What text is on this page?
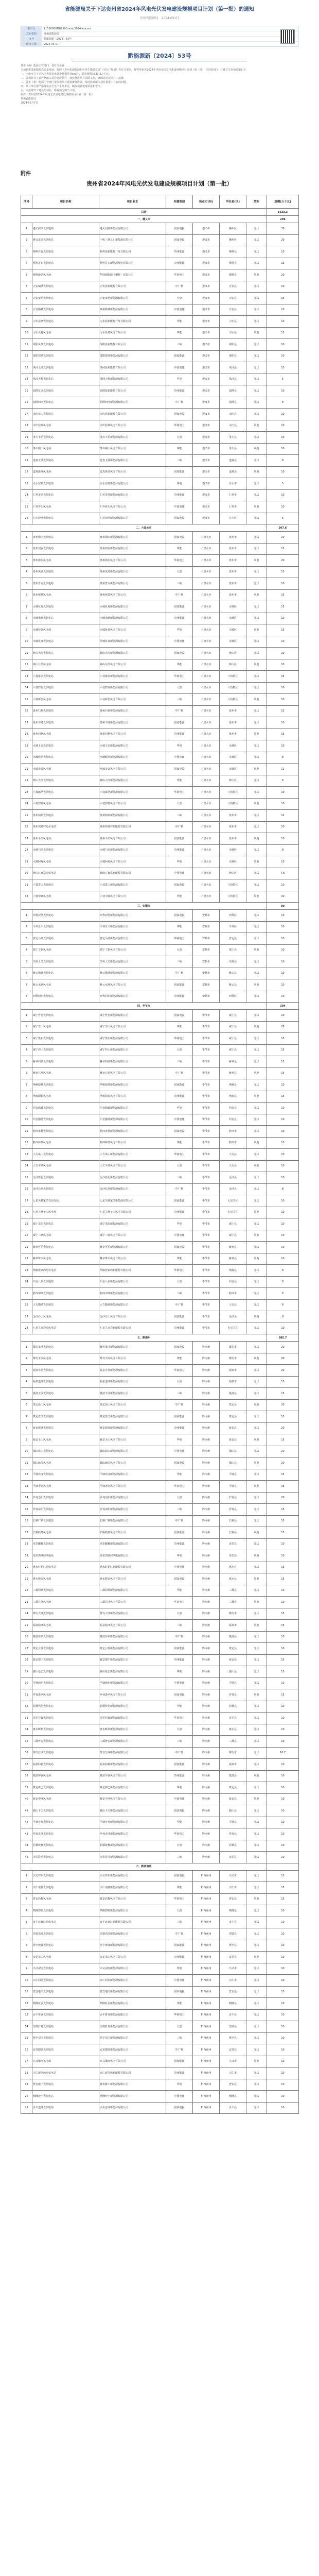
省能源局关于下达贵州省2024年风电光伏发电建设规模项目计划（第一批）的通知
贵州省能源局　2024-05-07
索引号	11520000MB1500xxxx/2024-xxxxxx
发布机构	贵州省能源局
文号	黔能源新〔2024〕53号
成文日期	2024-05-07
黔能源新〔2024〕53号

各市（州）能源主管部门，各有关企业：

为加快推进新能源高质量发展，按照《贵州省新能源和可再生能源发展“十四五”规划》等有关要求，现将贵州省2024年风电光伏发电建设规模项目计划（第一批）下达给你们，并就有关事项通知如下：

一、本批次共下达风电光伏发电建设规模项目xxx个，装机规模1633.3万千瓦。

二、各项目业主要严格落实项目建设条件，加快推进项目前期工作，确保项目按期开工建设。

三、各市（州）能源主管部门要加强项目建设统筹协调，及时协调解决项目推进中存在的问题。

四、项目单位要严格落实安全生产主体责任，确保项目建设质量和安全。

五、未按期开工建设的项目，将视情况调出计划。

附件：贵州省2024年风电光伏发电建设规模项目计划（第一批）

贵州省能源局

2024年5月7日

附件
贵州省2024年风电光伏发电建设规模项目计划（第一批）
序号	项目名称	项目业主	所属集团	所在市(州)	所在县(区)	类型	规模(万千瓦)
总计							1633.3
一、遵义市							296
1	遵义团溪光伏电站	遵义团溪新能源有限公司	国家电投	遵义市	播州区	光伏	30
2	遵义龙坑光伏电站	中电（遵义）新能源有限公司	国家电投	遵义市	播州区	光伏	20
3	桐梓官仓光伏电站	桐梓县新能源开发有限公司	贵州能源	遵义市	桐梓县	光伏	10
4	桐梓茅石光伏电站	桐梓茅石新能源发电有限公司	贵州能源	遵义市	桐梓县	光伏	15
5	桐梓新站风电场	华润新能源（桐梓）有限公司	华润电力	遵义市	桐梓县	风电	20
6	正安瑞溪光伏电站	正安县新能源有限公司	中广核	遵义市	正安县	光伏	10
7	正安安场光伏电站	正安安场新能源有限公司	大唐	遵义市	正安县	光伏	15
8	正安格林光伏电站	贵州格林新能源有限公司	中国电建	遵义市	正安县	光伏	10
9	习水东皇光伏电站	习水县新能源开发有限公司	华能	遵义市	习水县	光伏	10
10	习水良村风电场	习水良村风电有限公司	华能	遵义市	习水县	风电	15
11	绥阳风华光伏电站	绥阳县新能源有限公司	三峡	遵义市	绥阳县	光伏	10
12	绥阳郑场光伏电站	绥阳郑场新能源有限公司	国家能源	遵义市	绥阳县	光伏	10
13	凤冈土溪光伏电站	凤冈县新能源有限公司	中国电建	遵义市	凤冈县	光伏	10
14	凤冈天桥光伏电站	凤冈天桥新能源有限公司	华电	遵义市	凤冈县	光伏	5
15	湄潭复兴光伏电站	湄潭县新能源有限公司	贵州能源	遵义市	湄潭县	光伏	10
16	湄潭西河光伏电站	湄潭西河新能源有限公司	中广核	遵义市	湄潭县	光伏	8
17	余庆花山光伏电站	余庆县新能源有限公司	国家电投	遵义市	余庆县	光伏	10
18	余庆松烟风电场	余庆松烟风电有限公司	华润电力	遵义市	余庆县	风电	10
19	务川丰乐光伏电站	务川丰乐新能源有限公司	大唐	遵义市	务川县	光伏	10
20	务川砚山风电场	务川砚山风电有限公司	华能	遵义市	务川县	风电	10
21	道真玉溪光伏电站	道真玉溪新能源有限公司	三峡	遵义市	道真县	光伏	8
22	道真洛龙风电场	道真洛龙风电有限公司	国家能源	遵义市	道真县	风电	10
23	赤水官渡光伏电站	赤水官渡新能源有限公司	华电	遵义市	赤水市	光伏	5
24	仁怀茅坝光伏电站	仁怀茅坝新能源有限公司	贵州能源	遵义市	仁怀市	光伏	10
25	仁怀喜头风电场	仁怀喜头风电有限公司	中国电建	遵义市	仁怀市	风电	10
26	汇川沙湾光伏电站	汇川沙湾新能源有限公司	国家电投	遵义市	汇川区	光伏	5
二、六盘水市							367.6
1	盘州保田光伏电站	盘州保田新能源有限公司	国家电投	六盘水市	盘州市	光伏	20
2	盘州刘官光伏电站	盘州刘官新能源有限公司	华能	六盘水市	盘州市	光伏	15
3	盘州淤泥风电场	盘州淤泥风电有限公司	华润电力	六盘水市	盘州市	风电	20
4	盘州英武光伏电站	盘州英武新能源有限公司	大唐	六盘水市	盘州市	光伏	15
5	盘州普古光伏电站	盘州普古新能源有限公司	三峡	六盘水市	盘州市	光伏	10
6	盘州保基风电场	盘州保基风电有限公司	中广核	六盘水市	盘州市	风电	15
7	水城花戛光伏电站	水城花戛新能源有限公司	国家能源	六盘水市	水城区	光伏	15
8	水城米箩光伏电站	水城米箩新能源有限公司	贵州能源	六盘水市	水城区	光伏	10
9	水城营盘风电场	水城营盘风电有限公司	华电	六盘水市	水城区	风电	15
10	水城发耳光伏电站	水城发耳新能源有限公司	中国电建	六盘水市	水城区	光伏	10
11	钟山大湾光伏电站	钟山大湾新能源有限公司	国家电投	六盘水市	钟山区	光伏	10
12	钟山月照风电场	钟山月照风电有限公司	华能	六盘水市	钟山区	风电	10
13	六枝落别光伏电站	六枝落别新能源有限公司	华润电力	六盘水市	六枝特区	光伏	15
14	六枝牂牁光伏电站	六枝牂牁新能源有限公司	大唐	六盘水市	六枝特区	光伏	10
15	六枝新窑风电场	六枝新窑风电有限公司	三峡	六盘水市	六枝特区	风电	10
16	盘州石桥光伏电站	盘州石桥新能源有限公司	中广核	六盘水市	盘州市	光伏	12
17	盘州羊场光伏电站	盘州羊场新能源有限公司	国家能源	六盘水市	盘州市	光伏	10
18	盘州四格风电场	盘州四格风电有限公司	贵州能源	六盘水市	盘州市	风电	15
19	水城玉舍光伏电站	水城玉舍新能源有限公司	华电	六盘水市	水城区	光伏	10
20	水城猴场光伏电站	水城猴场新能源有限公司	中国电建	六盘水市	水城区	光伏	8
21	水城金盆风电场	水城金盆风电有限公司	国家电投	六盘水市	水城区	风电	12
22	钟山大河光伏电站	钟山大河新能源有限公司	华能	六盘水市	钟山区	光伏	8
23	六枝郎岱光伏电站	六枝郎岱新能源有限公司	华润电力	六盘水市	六枝特区	光伏	10
24	六枝岩脚风电场	六枝岩脚风电有限公司	大唐	六盘水市	六枝特区	风电	10
25	盘州柏果光伏电站	盘州柏果新能源有限公司	三峡	六盘水市	盘州市	光伏	12
26	盘州鸡场坪光伏电站	盘州鸡场坪新能源有限公司	中广核	六盘水市	盘州市	光伏	10
27	盘州平关风电场	盘州平关风电有限公司	国家能源	六盘水市	盘州市	风电	10
28	水城勺米光伏电站	水城勺米新能源有限公司	贵州能源	六盘水市	水城区	光伏	8
29	水城阿戛风电场	水城阿戛风电有限公司	华电	六盘水市	水城区	风电	10
30	钟山汪家寨光伏电站	钟山汪家寨新能源有限公司	中国电建	六盘水市	钟山区	光伏	7.6
31	六枝箐口光伏电站	六枝箐口新能源有限公司	国家电投	六盘水市	六枝特区	光伏	10
32	六枝中寨风电场	六枝中寨风电有限公司	华能	六盘水市	六枝特区	风电	10
三、安顺市							80
1	西秀双堡光伏电站	西秀双堡新能源有限公司	国家电投	安顺市	西秀区	光伏	10
2	平坝乐平光伏电站	平坝乐平新能源有限公司	华能	安顺市	平坝区	光伏	10
3	普定马场光伏电站	普定马场新能源有限公司	华润电力	安顺市	普定县	光伏	10
4	镇宁丁旗风电场	镇宁丁旗风电有限公司	大唐	安顺市	镇宁县	风电	10
5	关岭上关光伏电站	关岭上关新能源有限公司	三峡	安顺市	关岭县	光伏	10
6	紫云猫营光伏电站	紫云猫营新能源有限公司	中广核	安顺市	紫云县	光伏	10
7	紫云水塘风电场	紫云水塘风电有限公司	国家能源	安顺市	紫云县	风电	10
8	西秀旧州光伏电站	西秀旧州新能源有限公司	贵州能源	安顺市	西秀区	光伏	10
四、毕节市							304
1	威宁哲觉光伏电站	威宁哲觉新能源有限公司	国家电投	毕节市	威宁县	光伏	20
2	威宁雪山风电场	威宁雪山风电有限公司	华能	毕节市	威宁县	风电	20
3	威宁黑石光伏电站	威宁黑石新能源有限公司	华润电力	毕节市	威宁县	光伏	15
4	威宁炉山光伏电站	威宁炉山新能源有限公司	大唐	毕节市	威宁县	光伏	15
5	赫章妈姑光伏电站	赫章妈姑新能源有限公司	三峡	毕节市	赫章县	光伏	15
6	赫章兴发风电场	赫章兴发风电有限公司	中广核	毕节市	赫章县	风电	15
7	纳雍鬃岭光伏电站	纳雍鬃岭新能源有限公司	国家能源	毕节市	纳雍县	光伏	10
8	纳雍阳长风电场	纳雍阳长风电有限公司	贵州能源	毕节市	纳雍县	风电	15
9	织金珠藏光伏电站	织金珠藏新能源有限公司	华电	毕节市	织金县	光伏	10
10	织金猫场光伏电站	织金猫场新能源有限公司	中国电建	毕节市	织金县	光伏	10
11	黔西素朴光伏电站	黔西素朴新能源有限公司	国家电投	毕节市	黔西市	光伏	10
12	黔西林泉风电场	黔西林泉风电有限公司	华能	毕节市	黔西市	风电	10
13	大方凤山光伏电站	大方凤山新能源有限公司	华润电力	毕节市	大方县	光伏	10
14	大方羊场风电场	大方羊场风电有限公司	大唐	毕节市	大方县	风电	10
15	金沙岩孔光伏电站	金沙岩孔新能源有限公司	三峡	毕节市	金沙县	光伏	10
16	金沙长坝光伏电站	金沙长坝新能源有限公司	中广核	毕节市	金沙县	光伏	8
17	七星关杨家湾光伏电站	七星关杨家湾新能源有限公司	国家能源	毕节市	七星关区	光伏	10
18	七星关燕子口风电场	七星关燕子口风电有限公司	贵州能源	毕节市	七星关区	风电	10
19	威宁龙街光伏电站	威宁龙街新能源有限公司	华电	毕节市	威宁县	光伏	10
20	威宁二塘风电场	威宁二塘风电有限公司	中国电建	毕节市	威宁县	风电	10
21	赫章可乐光伏电站	赫章可乐新能源有限公司	国家电投	毕节市	赫章县	光伏	10
22	赫章珠市风电场	赫章珠市风电有限公司	华能	毕节市	赫章县	风电	10
23	纳雍张家湾光伏电站	纳雍张家湾新能源有限公司	华润电力	毕节市	纳雍县	光伏	8
24	织金八步光伏电站	织金八步新能源有限公司	大唐	毕节市	织金县	光伏	8
25	黔西中坪光伏电站	黔西中坪新能源有限公司	三峡	毕节市	黔西市	光伏	8
26	大方猫场光伏电站	大方猫场新能源有限公司	中广核	毕节市	大方县	光伏	8
27	金沙沙土风电场	金沙沙土风电有限公司	国家能源	毕节市	金沙县	风电	8
28	七星关亮岩光伏电站	七星关亮岩新能源有限公司	贵州能源	毕节市	七星关区	光伏	10
五、黔南州							585.7
1	都匀墨冲光伏电站	都匀墨冲新能源有限公司	国家电投	黔南州	都匀市	光伏	20
2	都匀平浪风电场	都匀平浪风电有限公司	华能	黔南州	都匀市	风电	20
3	福泉牛场光伏电站	福泉牛场新能源有限公司	华润电力	黔南州	福泉市	光伏	20
4	福泉道坪光伏电站	福泉道坪新能源有限公司	大唐	黔南州	福泉市	光伏	15
5	荔波玉屏光伏电站	荔波玉屏新能源有限公司	三峡	黔南州	荔波县	光伏	15
6	贵定沿山风电场	贵定沿山风电有限公司	中广核	黔南州	贵定县	风电	20
7	贵定盘江光伏电站	贵定盘江新能源有限公司	国家能源	黔南州	贵定县	光伏	15
8	瓮安银盏光伏电站	瓮安银盏新能源有限公司	贵州能源	黔南州	瓮安县	光伏	20
9	瓮安玉山风电场	瓮安玉山风电有限公司	华电	黔南州	瓮安县	风电	15
10	独山影山光伏电站	独山影山新能源有限公司	中国电建	黔南州	独山县	光伏	20
11	独山麻尾风电场	独山麻尾风电有限公司	国家电投	黔南州	独山县	风电	20
12	平塘克度光伏电站	平塘克度新能源有限公司	华能	黔南州	平塘县	光伏	15
13	平塘者密风电场	平塘者密风电有限公司	华润电力	黔南州	平塘县	风电	15
14	罗甸边阳光伏电站	罗甸边阳新能源有限公司	大唐	黔南州	罗甸县	光伏	20
15	罗甸沫阳光伏电站	罗甸沫阳新能源有限公司	三峡	黔南州	罗甸县	光伏	15
16	长顺广顺光伏电站	长顺广顺新能源有限公司	中广核	黔南州	长顺县	光伏	15
17	长顺鼓扬风电场	长顺鼓扬风电有限公司	国家能源	黔南州	长顺县	风电	15
18	龙里醒狮光伏电站	龙里醒狮新能源有限公司	贵州能源	黔南州	龙里县	光伏	10
19	龙里湾滩河风电场	龙里湾滩河风电有限公司	华电	黔南州	龙里县	风电	10
20	惠水好花红光伏电站	惠水好花红新能源有限公司	中国电建	黔南州	惠水县	光伏	15
21	惠水摆金风电场	惠水摆金风电有限公司	国家电投	黔南州	惠水县	风电	15
22	三都周覃光伏电站	三都周覃新能源有限公司	华能	黔南州	三都县	光伏	10
23	三都九阡风电场	三都九阡风电有限公司	华润电力	黔南州	三都县	风电	10
24	都匀大坪光伏电站	都匀大坪新能源有限公司	大唐	黔南州	都匀市	光伏	15
25	福泉陆坪风电场	福泉陆坪风电有限公司	三峡	黔南州	福泉市	风电	15
26	荔波佳荣光伏电站	荔波佳荣新能源有限公司	中广核	黔南州	荔波县	光伏	10
27	贵定云雾光伏电站	贵定云雾新能源有限公司	国家能源	黔南州	贵定县	光伏	10
28	瓮安建中光伏电站	瓮安建中新能源有限公司	贵州能源	黔南州	瓮安县	光伏	15
29	独山基长光伏电站	独山基长新能源有限公司	华电	黔南州	独山县	光伏	15
30	平塘通州光伏电站	平塘通州新能源有限公司	中国电建	黔南州	平塘县	光伏	10
31	罗甸逢亭风电场	罗甸逢亭风电有限公司	国家电投	黔南州	罗甸县	风电	15
32	长顺代化光伏电站	长顺代化新能源有限公司	华能	黔南州	长顺县	光伏	10
33	龙里谷脚光伏电站	龙里谷脚新能源有限公司	华润电力	黔南州	龙里县	光伏	10
34	惠水断杉光伏电站	惠水断杉新能源有限公司	大唐	黔南州	惠水县	光伏	10
35	三都普安光伏电站	三都普安新能源有限公司	三峡	黔南州	三都县	光伏	10
36	都匀江洲光伏电站	都匀江洲新能源有限公司	中广核	黔南州	都匀市	光伏	10.7
37	福泉仙桥光伏电站	福泉仙桥新能源有限公司	国家能源	黔南州	福泉市	光伏	10
38	荔波甲良风电场	荔波甲良风电有限公司	贵州能源	黔南州	荔波县	风电	10
39	贵定新巴光伏电站	贵定新巴新能源有限公司	华电	黔南州	贵定县	光伏	10
40	瓮安中坪风电场	瓮安中坪风电有限公司	中国电建	黔南州	瓮安县	风电	10
41	独山下司光伏电站	独山下司新能源有限公司	国家电投	黔南州	独山县	光伏	10
42	平塘牙舟光伏电站	平塘牙舟新能源有限公司	华能	黔南州	平塘县	光伏	10
43	罗甸龙坪光伏电站	罗甸龙坪新能源有限公司	华润电力	黔南州	罗甸县	光伏	10
44	长顺敦操光伏电站	长顺敦操新能源有限公司	大唐	黔南州	长顺县	光伏	10
45	龙里洗马光伏电站	龙里洗马新能源有限公司	三峡	黔南州	龙里县	光伏	10
六、黔西南州							
1	兴义坪东光伏电站	兴义坪东新能源有限公司	国家电投	黔西南州	兴义市	光伏	15
2	兴仁屯脚光伏电站	兴仁屯脚新能源有限公司	华能	黔西南州	兴仁市	光伏	15
3	普安高棉风电场	普安高棉风电有限公司	华润电力	黔西南州	普安县	风电	15
4	晴隆碧痕光伏电站	晴隆碧痕新能源有限公司	大唐	黔西南州	晴隆县	光伏	10
5	贞丰北盘江光伏电站	贞丰北盘江新能源有限公司	三峡	黔西南州	贞丰县	光伏	10
6	望谟乐旺光伏电站	望谟乐旺新能源有限公司	中广核	黔西南州	望谟县	光伏	10
7	册亨坡妹光伏电站	册亨坡妹新能源有限公司	国家能源	黔西南州	册亨县	光伏	10
8	安龙龙山风电场	安龙龙山风电有限公司	贵州能源	黔西南州	安龙县	风电	10
9	兴义泥凼光伏电站	兴义泥凼新能源有限公司	华电	黔西南州	兴义市	光伏	10
10	兴仁回龙光伏电站	兴仁回龙新能源有限公司	中国电建	黔西南州	兴仁市	光伏	10
11	普安地瓜光伏电站	普安地瓜新能源有限公司	国家电投	黔西南州	普安县	光伏	10
12	晴隆花贡光伏电站	晴隆花贡新能源有限公司	华能	黔西南州	晴隆县	光伏	10
13	贞丰鲁容光伏电站	贞丰鲁容新能源有限公司	华润电力	黔西南州	贞丰县	光伏	10
14	望谟打易光伏电站	望谟打易新能源有限公司	大唐	黔西南州	望谟县	光伏	10
15	册亨双江光伏电站	册亨双江新能源有限公司	三峡	黔西南州	册亨县	光伏	10
16	安龙德卧光伏电站	安龙德卧新能源有限公司	中广核	黔西南州	安龙县	光伏	10
17	兴义敬南风电场	兴义敬南风电有限公司	国家能源	黔西南州	兴义市	风电	10
18	兴仁新马场光伏电站	兴仁新马场新能源有限公司	贵州能源	黔西南州	兴仁市	光伏	10
19	普安楼下光伏电站	普安楼下新能源有限公司	华电	黔西南州	普安县	光伏	10
20	晴隆沙子光伏电站	晴隆沙子新能源有限公司	中国电建	黔西南州	晴隆县	光伏	10
21	贞丰连环光伏电站	贞丰连环新能源有限公司	国家电投	黔西南州	贞丰县	光伏	10
